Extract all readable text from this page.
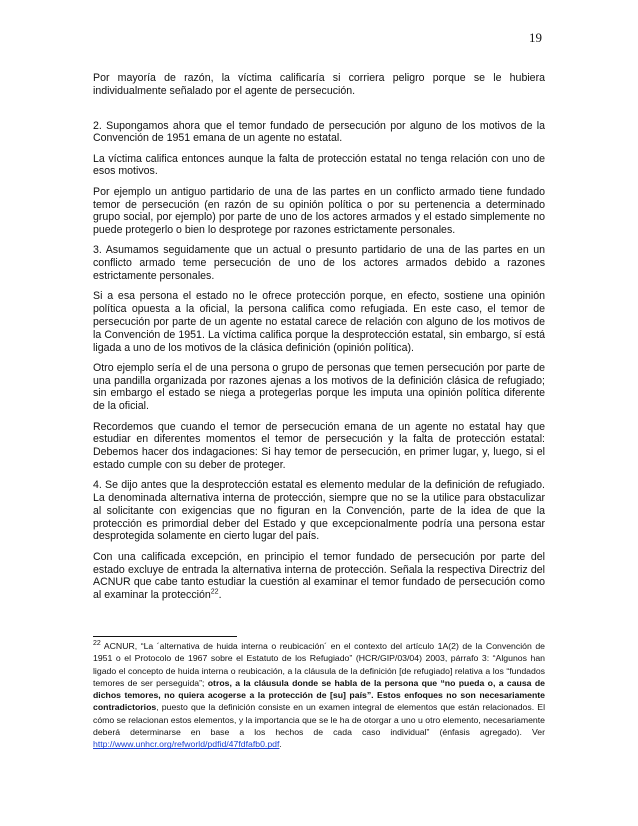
19

Por mayoría de razón, la víctima calificaría si corriera peligro porque se le hubiera individualmente señalado por el agente de persecución.

2. Supongamos ahora que el temor fundado de persecución por alguno de los motivos de la Convención de 1951 emana de un agente no estatal.

La víctima califica entonces aunque la falta de protección estatal no tenga relación con uno de esos motivos.

Por ejemplo un antiguo partidario de una de las partes en un conflicto armado tiene fundado temor de persecución (en razón de su opinión política o por su pertenencia a determinado grupo social, por ejemplo) por parte de uno de los actores armados y el estado simplemente no puede protegerlo o bien lo desprotege por razones estrictamente personales.

3. Asumamos seguidamente que un actual o presunto partidario de una de las partes en un conflicto armado teme persecución de uno de los actores armados debido a razones estrictamente personales.

Si a esa persona el estado no le ofrece protección porque, en efecto, sostiene una opinión política opuesta a la oficial, la persona califica como refugiada. En este caso, el temor de persecución por parte de un agente no estatal carece de relación con alguno de los motivos de la Convención de 1951. La víctima califica porque la desprotección estatal, sin embargo, sí está ligada a uno de los motivos de la clásica definición (opinión política).

Otro ejemplo sería el de una persona o grupo de personas que temen persecución por parte de una pandilla organizada por razones ajenas a los motivos de la definición clásica de refugiado; sin embargo el estado se niega a protegerlas porque les imputa una opinión política diferente de la oficial.

Recordemos que cuando el temor de persecución emana de un agente no estatal hay que estudiar en diferentes momentos el temor de persecución y la falta de protección estatal: Debemos hacer dos indagaciones: Si hay temor de persecución, en primer lugar, y, luego, si el estado cumple con su deber de proteger.

4. Se dijo antes que la desprotección estatal es elemento medular de la definición de refugiado. La denominada alternativa interna de protección, siempre que no se la utilice para obstaculizar al solicitante con exigencias que no figuran en la Convención, parte de la idea de que la protección es primordial deber del Estado y que excepcionalmente podría una persona estar desprotegida solamente en cierto lugar del país.

Con una calificada excepción, en principio el temor fundado de persecución por parte del estado excluye de entrada la alternativa interna de protección. Señala la respectiva Directriz del ACNUR que cabe tanto estudiar la cuestión al examinar el temor fundado de persecución como al examinar la protección$^{22}$.

$^{22}$ ACNUR, “La ´alternativa de huida interna o reubicación´ en el contexto del artículo 1A(2) de la Convención de 1951 o el Protocolo de 1967 sobre el Estatuto de los Refugiado” (HCR/GIP/03/04) 2003, párrafo 3: “Algunos han ligado el concepto de huida interna o reubicación, a la cláusula de la definición [de refugiado] relativa a los “fundados temores de ser perseguida”; otros, a la cláusula donde se habla de la persona que “no pueda o, a causa de dichos temores, no quiera acogerse a la protección de [su] país”. Estos enfoques no son necesariamente contradictorios, puesto que la definición consiste en un examen integral de elementos que están relacionados. El cómo se relacionan estos elementos, y la importancia que se le ha de otorgar a uno u otro elemento, necesariamente deberá determinarse en base a los hechos de cada caso individual” (énfasis agregado). Ver http://www.unhcr.org/refworld/pdfid/47fdfafb0.pdf.
